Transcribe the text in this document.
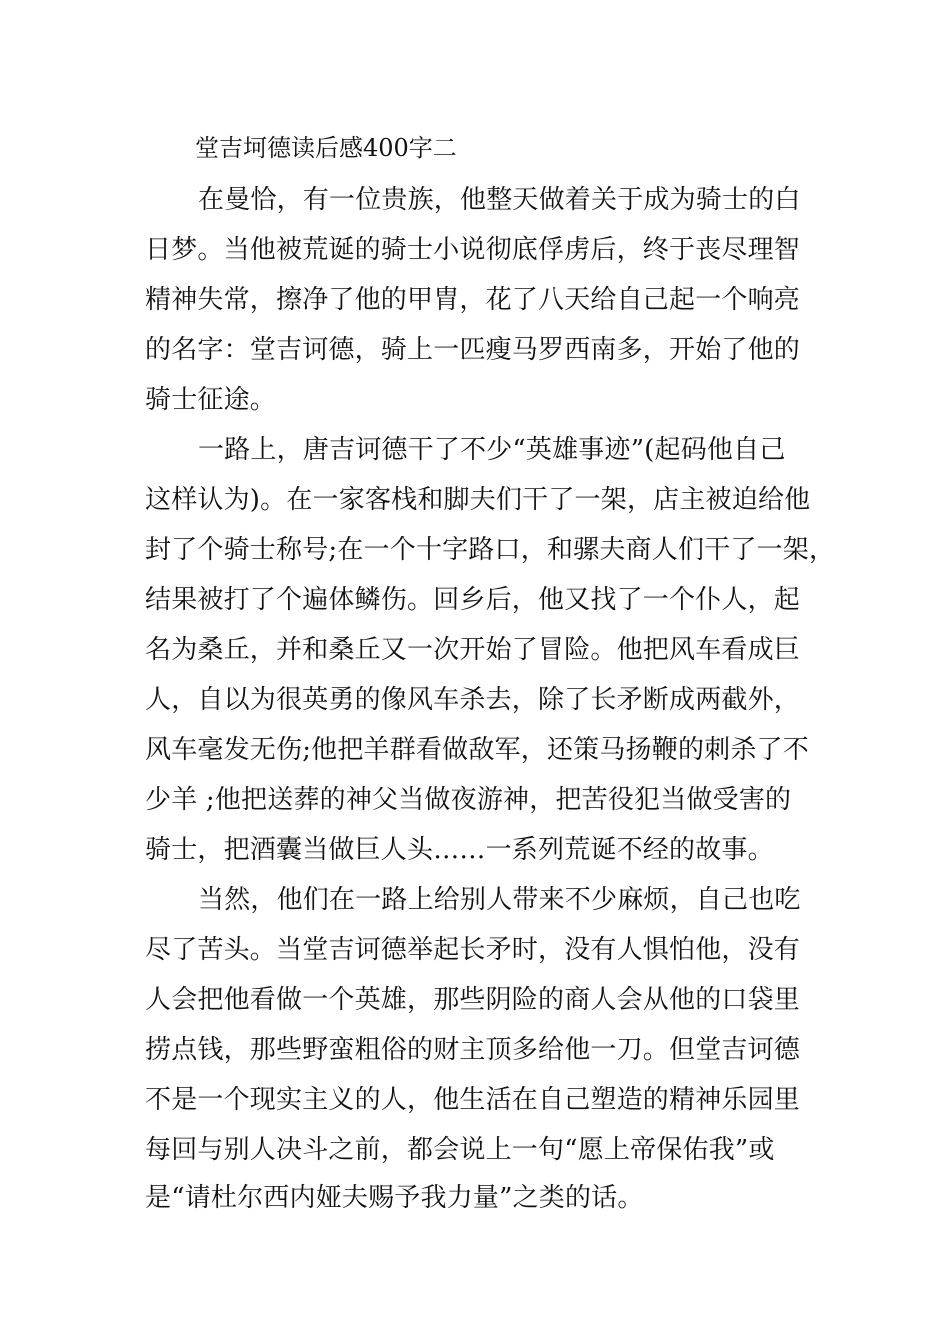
堂吉坷德读后感400字二

在曼恰，有一位贵族，他整天做着关于成为骑士的白

日梦。当他被荒诞的骑士小说彻底俘虏后，终于丧尽理智

精神失常，擦净了他的甲胄，花了八天给自己起一个响亮

的名字：堂吉诃德，骑上一匹瘦马罗西南多，开始了他的

骑士征途。

一路上，唐吉诃德干了不少“英雄事迹”(起码他自己

这样认为)。在一家客栈和脚夫们干了一架，店主被迫给他

封了个骑士称号;在一个十字路口，和骡夫商人们干了一架，

结果被打了个遍体鳞伤。回乡后，他又找了一个仆人，起

名为桑丘，并和桑丘又一次开始了冒险。他把风车看成巨

人，自以为很英勇的像风车杀去，除了长矛断成两截外，

风车毫发无伤;他把羊群看做敌军，还策马扬鞭的刺杀了不

少羊 ;他把送葬的神父当做夜游神，把苦役犯当做受害的

骑士，把酒囊当做巨人头……一系列荒诞不经的故事。

当然，他们在一路上给别人带来不少麻烦，自己也吃

尽了苦头。当堂吉诃德举起长矛时，没有人惧怕他，没有

人会把他看做一个英雄，那些阴险的商人会从他的口袋里

捞点钱，那些野蛮粗俗的财主顶多给他一刀。但堂吉诃德

不是一个现实主义的人，他生活在自己塑造的精神乐园里

每回与别人决斗之前，都会说上一句“愿上帝保佑我”或

是“请杜尔西内娅夫赐予我力量”之类的话。
